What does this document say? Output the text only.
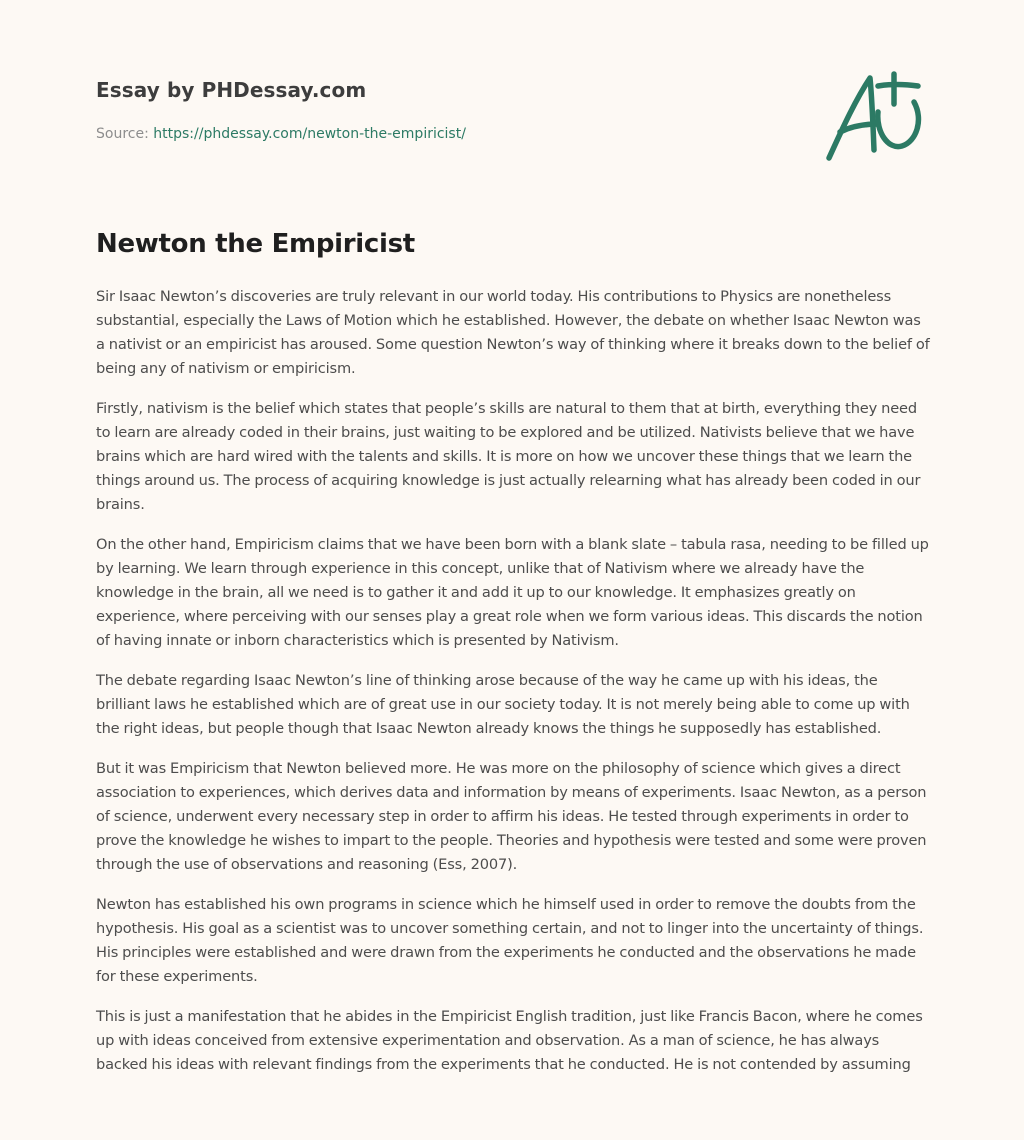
Essay by PHDessay.com
Source: https://phdessay.com/newton-the-empiricist/
Newton the Empiricist

Sir Isaac Newton’s discoveries are truly relevant in our world today. His contributions to Physics are nonetheless substantial, especially the Laws of Motion which he established. However, the debate on whether Isaac Newton was a nativist or an empiricist has aroused. Some question Newton’s way of thinking where it breaks down to the belief of being any of nativism or empiricism.

Firstly, nativism is the belief which states that people’s skills are natural to them that at birth, everything they need to learn are already coded in their brains, just waiting to be explored and be utilized. Nativists believe that we have brains which are hard wired with the talents and skills. It is more on how we uncover these things that we learn the things around us. The process of acquiring knowledge is just actually relearning what has already been coded in our brains.

On the other hand, Empiricism claims that we have been born with a blank slate – tabula rasa, needing to be filled up by learning. We learn through experience in this concept, unlike that of Nativism where we already have the knowledge in the brain, all we need is to gather it and add it up to our knowledge. It emphasizes greatly on experience, where perceiving with our senses play a great role when we form various ideas. This discards the notion of having innate or inborn characteristics which is presented by Nativism.

The debate regarding Isaac Newton’s line of thinking arose because of the way he came up with his ideas, the brilliant laws he established which are of great use in our society today. It is not merely being able to come up with the right ideas, but people though that Isaac Newton already knows the things he supposedly has established.

But it was Empiricism that Newton believed more. He was more on the philosophy of science which gives a direct association to experiences, which derives data and information by means of experiments. Isaac Newton, as a person of science, underwent every necessary step in order to affirm his ideas. He tested through experiments in order to prove the knowledge he wishes to impart to the people. Theories and hypothesis were tested and some were proven through the use of observations and reasoning (Ess, 2007).

Newton has established his own programs in science which he himself used in order to remove the doubts from the hypothesis. His goal as a scientist was to uncover something certain, and not to linger into the uncertainty of things. His principles were established and were drawn from the experiments he conducted and the observations he made for these experiments.

This is just a manifestation that he abides in the Empiricist English tradition, just like Francis Bacon, where he comes up with ideas conceived from extensive experimentation and observation. As a man of science, he has always backed his ideas with relevant findings from the experiments that he conducted. He is not contended by assuming
